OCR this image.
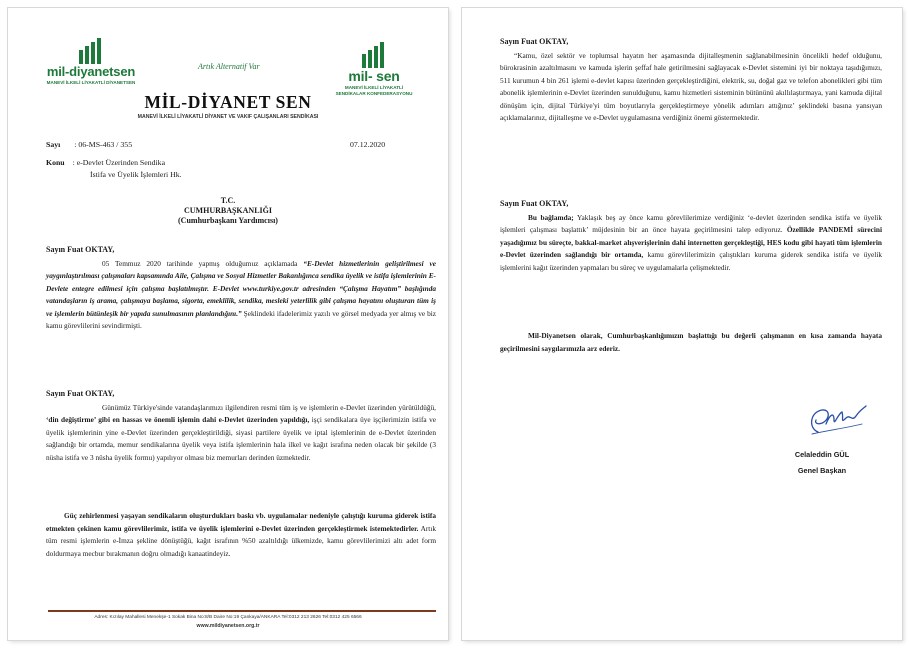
mil-diyanetsen
MANEVİ İLKELİ LİYAKATLİ DİYANETSEN
Artık Alternatif Var
mil- sen
MANEVİ İLKELİ LİYAKATLİ
SENDİKALAR KONFEDERASYONU
MİL-DİYANET SEN
MANEVİ İLKELİ LİYAKATLİ DİYANET VE VAKIF ÇALIŞANLARI SENDİKASI
Sayı : 06-MS-463 / 355	07.12.2020
Konu : e-Devlet Üzerinden Sendika
İstifa ve Üyelik İşlemleri Hk.
T.C.
CUMHURBAŞKANLIĞI
(Cumhurbaşkanı Yardımcısı)
Sayın Fuat OKTAY,

05 Temmuz 2020 tarihinde yapmış olduğumuz açıklamada “E-Devlet hizmetlerinin geliştirilmesi ve yaygınlaştırılması çalışmaları kapsamında Aile, Çalışma ve Sosyal Hizmetler Bakanlığınca sendika üyelik ve istifa işlemlerinin E-Devlete entegre edilmesi için çalışma başlatılmıştır. E-Devlet www.turkiye.gov.tr adresinden “Çalışma Hayatım” başlığında vatandaşların iş arama, çalışmaya başlama, sigorta, emeklilik, sendika, mesleki yeterlilik gibi çalışma hayatını oluşturan tüm iş ve işlemlerin bütünleşik bir yapıda sunulmasının planlandığını.” Şeklindeki ifadelerimiz yazılı ve görsel medyada yer almış ve biz kamu görevlilerini sevindirmişti.

Sayın Fuat OKTAY,

Günümüz Türkiye'sinde vatandaşlarımızı ilgilendiren resmi tüm iş ve işlemlerin e-Devlet üzerinden yürütüldüğü, ‘din değiştirme’ gibi en hassas ve önemli işlemin dahi e-Devlet üzerinden yapıldığı, işçi sendikalara üye işçilerimizin istifa ve üyelik işlemlerinin yine e-Devlet üzerinden gerçekleştirildiği, siyasi partilere üyelik ve iptal işlemlerinin de e-Devlet üzerinden sağlandığı bir ortamda, memur sendikalarına üyelik veya istifa işlemlerinin hala ilkel ve kağıt israfına neden olacak bir şekilde (3 nüsha istifa ve 3 nüsha üyelik formu) yapılıyor olması biz memurları derinden üzmektedir.

Güç zehirlenmesi yaşayan sendikaların oluşturdukları baskı vb. uygulamalar nedeniyle çalıştığı kuruma giderek istifa etmekten çekinen kamu görevlilerimiz, istifa ve üyelik işlemlerini e-Devlet üzerinden gerçekleştirmek istemektedirler. Artık tüm resmi işlemlerin e-İmza şekline dönüştüğü, kağıt israfının %50 azaltıldığı ülkemizde, kamu görevlilerimizi altı adet form doldurmaya mecbur bırakmanın doğru olmadığı kanaatindeyiz.

Adres: Kızılay Mahallesi Menekşe-1 Sokak Bina No:8/B Daire No:19 Çankaya/ANKARA Tel:0312 213 2626 Tel:0312 425 6566
www.mildiyanetsen.org.tr
Sayın Fuat OKTAY,

“Kamu, özel sektör ve toplumsal hayatın her aşamasında dijitalleşmenin sağlanabilmesinin öncelikli hedef olduğunu, bürokrasinin azaltılmasını ve kamuda işlerin şeffaf hale getirilmesini sağlayacak e-Devlet sistemini iyi bir noktaya taşıdığımızı, 511 kurumun 4 bin 261 işlemi e-devlet kapısı üzerinden gerçekleştirdiğini, elektrik, su, doğal gaz ve telefon abonelikleri gibi tüm abonelik işlemlerinin e-Devlet üzerinden sunulduğunu, kamu hizmetleri sisteminin bütününü akıllılaştırmaya, yani kamuda dijital dönüşüm için, dijital Türkiye'yi tüm boyutlarıyla gerçekleştirmeye yönelik adımları attığınız’ şeklindeki basına yansıyan açıklamalarınız, dijitalleşme ve e-Devlet uygulamasına verdiğiniz önemi göstermektedir.

Sayın Fuat OKTAY,

Bu bağlamda; Yaklaşık beş ay önce kamu görevlilerimize verdiğiniz ‘e-devlet üzerinden sendika istifa ve üyelik işlemleri çalışması başlattık’ müjdesinin bir an önce hayata geçirilmesini talep ediyoruz. Özellikle PANDEMİ sürecini yaşadığımız bu süreçte, bakkal-market alışverişlerinin dahi internetten gerçekleştiği, HES kodu gibi hayati tüm işlemlerin e-Devlet üzerinden sağlandığı bir ortamda, kamu görevlilerimizin çalıştıkları kuruma giderek sendika istifa ve üyelik işlemlerini kağıt üzerinden yapmaları bu süreç ve uygulamalarla çelişmektedir.

Mil-Diyanetsen olarak, Cumhurbaşkanlığımızın başlattığı bu değerli çalışmanın en kısa zamanda hayata geçirilmesini saygılarımızla arz ederiz.

Celaleddin GÜL
Genel Başkan
